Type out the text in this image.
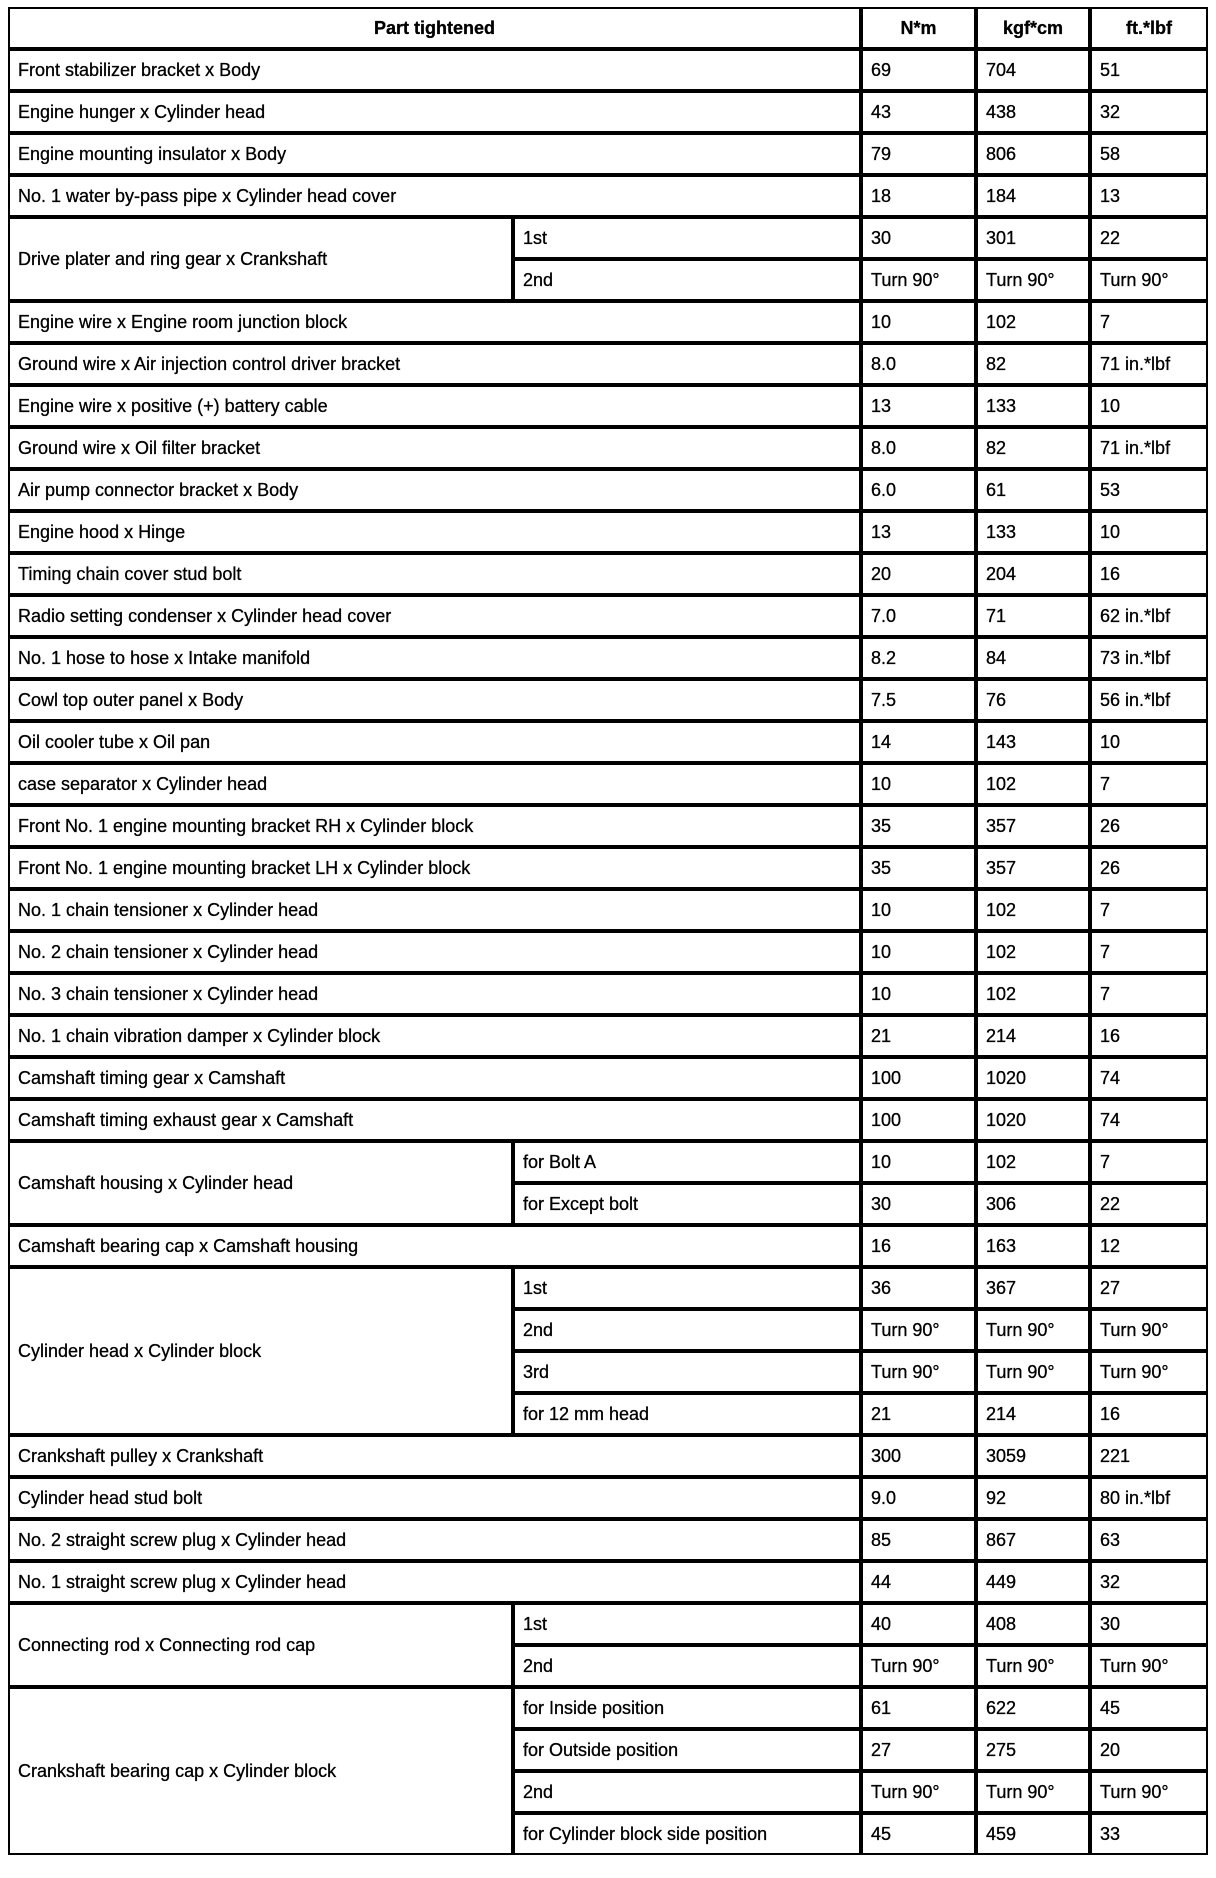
Part tightened		N*m	kgf*cm	ft.*lbf
Front stabilizer bracket x Body		69	704	51
Engine hunger x Cylinder head		43	438	32
Engine mounting insulator x Body		79	806	58
No. 1 water by-pass pipe x Cylinder head cover		18	184	13
Drive plater and ring gear x Crankshaft	1st	30	301	22
	2nd	Turn 90°	Turn 90°	Turn 90°
Engine wire x Engine room junction block		10	102	7
Ground wire x Air injection control driver bracket		8.0	82	71 in.*lbf
Engine wire x positive (+) battery cable		13	133	10
Ground wire x Oil filter bracket		8.0	82	71 in.*lbf
Air pump connector bracket x Body		6.0	61	53
Engine hood x Hinge		13	133	10
Timing chain cover stud bolt		20	204	16
Radio setting condenser x Cylinder head cover		7.0	71	62 in.*lbf
No. 1 hose to hose x Intake manifold		8.2	84	73 in.*lbf
Cowl top outer panel x Body		7.5	76	56 in.*lbf
Oil cooler tube x Oil pan		14	143	10
case separator x Cylinder head		10	102	7
Front No. 1 engine mounting bracket RH x Cylinder block		35	357	26
Front No. 1 engine mounting bracket LH x Cylinder block		35	357	26
No. 1 chain tensioner x Cylinder head		10	102	7
No. 2 chain tensioner x Cylinder head		10	102	7
No. 3 chain tensioner x Cylinder head		10	102	7
No. 1 chain vibration damper x Cylinder block		21	214	16
Camshaft timing gear x Camshaft		100	1020	74
Camshaft timing exhaust gear x Camshaft		100	1020	74
Camshaft housing x Cylinder head	for Bolt A	10	102	7
	for Except bolt	30	306	22
Camshaft bearing cap x Camshaft housing		16	163	12
Cylinder head x Cylinder block	1st	36	367	27
	2nd	Turn 90°	Turn 90°	Turn 90°
	3rd	Turn 90°	Turn 90°	Turn 90°
	for 12 mm head	21	214	16
Crankshaft pulley x Crankshaft		300	3059	221
Cylinder head stud bolt		9.0	92	80 in.*lbf
No. 2 straight screw plug x Cylinder head		85	867	63
No. 1 straight screw plug x Cylinder head		44	449	32
Connecting rod x Connecting rod cap	1st	40	408	30
	2nd	Turn 90°	Turn 90°	Turn 90°
Crankshaft bearing cap x Cylinder block	for Inside position	61	622	45
	for Outside position	27	275	20
	2nd	Turn 90°	Turn 90°	Turn 90°
	for Cylinder block side position	45	459	33
